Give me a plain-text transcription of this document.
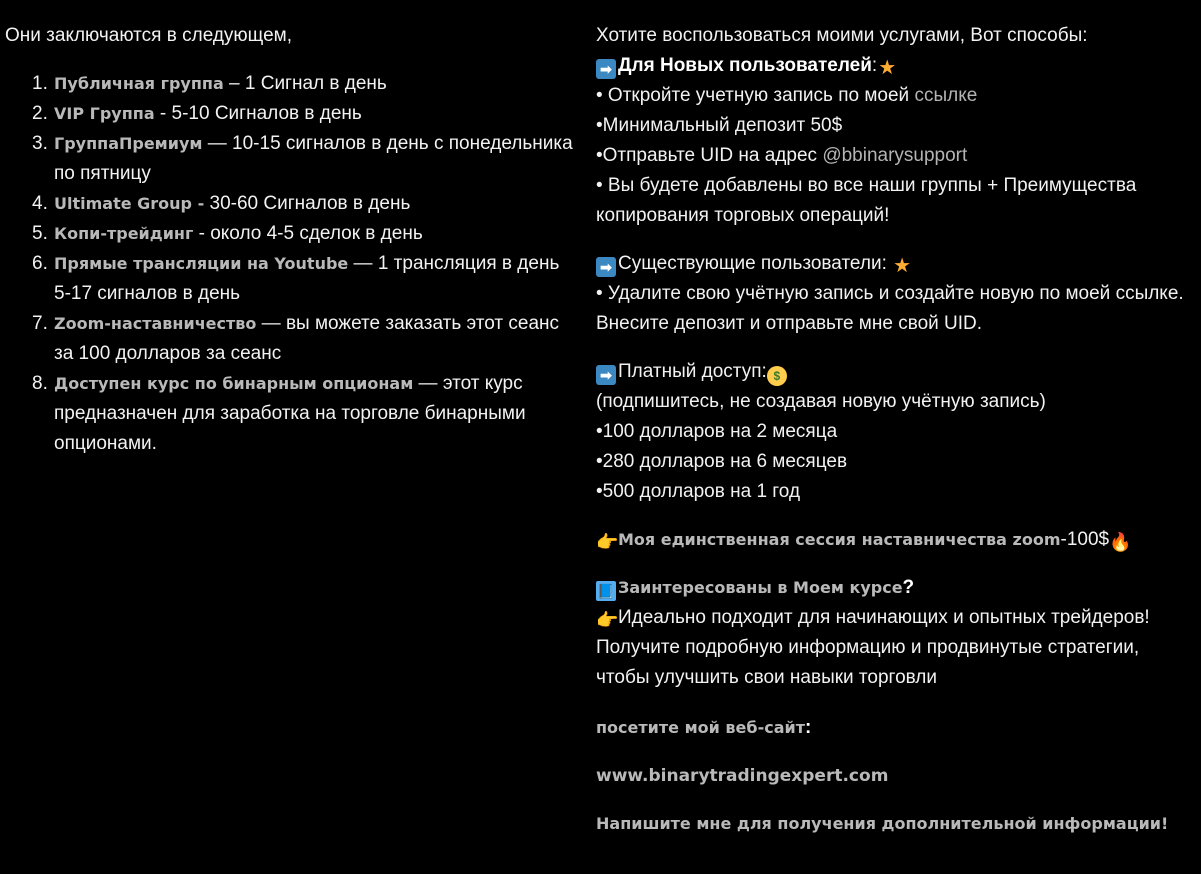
Они заключаются в следующем,

1. Публичная группа – 1 Сигнал в день
2. VIP Группа - 5-10 Сигналов в день
3. ГруппаПремиум — 10-15 сигналов в день с понедельника по пятницу
4. Ultimate Group - 30-60 Сигналов в день
5. Копи-трейдинг - около 4-5 сделок в день
6. Прямые трансляции на Youtube — 1 трансляция в день 5-17 сигналов в день
7. Zoom-наставничество — вы можете заказать этот сеанс за 100 долларов за сеанс
8. Доступен курс по бинарным опционам — этот курс предназначен для заработка на торговле бинарными опционами.

Хотите воспользоваться моими услугами, Вот способы:

➡ Для Новых пользователей:★

• Откройте учетную запись по моей ссылке

•Минимальный депозит 50$

•Отправьте UID на адрес @bbinarysupport

• Вы будете добавлены во все наши группы + Преимущества копирования торговых операций!

➡ Существующие пользователи: ★

• Удалите свою учётную запись и создайте новую по моей ссылке. Внесите депозит и отправьте мне свой UID.

➡ Платный доступ: $

(подпишитесь, не создавая новую учётную запись)

•100 долларов на 2 месяца

•280 долларов на 6 месяцев

•500 долларов на 1 год

👉Моя единственная сессия наставничества zoom-100$🔥

📘 Заинтересованы в Моем курсе?

👉Идеально подходит для начинающих и опытных трейдеров! Получите подробную информацию и продвинутые стратегии, чтобы улучшить свои навыки торговли

посетите мой веб-сайт:

www.binarytradingexpert.com

Напишите мне для получения дополнительной информации!
